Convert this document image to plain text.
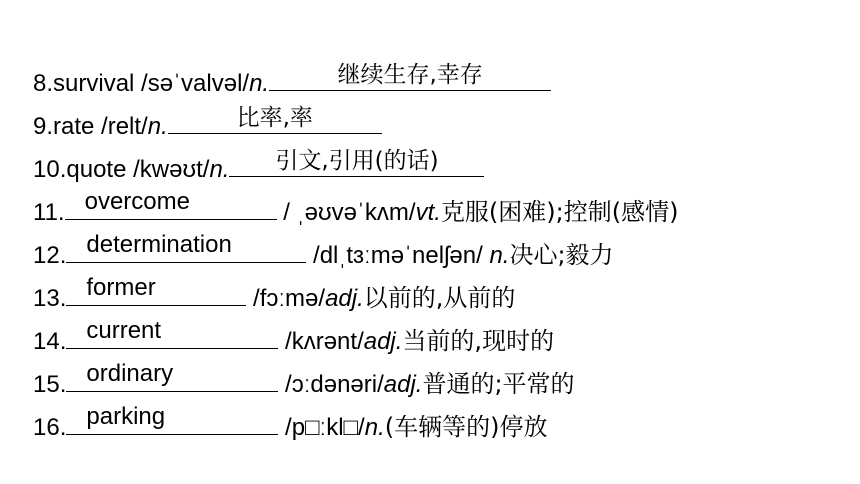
8.survival /səˈvalvəl/n.	继续生存,幸存
9.rate /relt/n.	比率,率
10.quote /kwəʊt/n.	引文,引用(的话)
11. overcome	/ ˌəʊvəˈkʌm/vt.克服(困难);控制(感情)
12. determination	/dlˌtɜːməˈnelʃən/ n.决心;毅力
13. former	/fɔːmə/adj.以前的,从前的
14. current	/kʌrənt/adj.当前的,现时的
15. ordinary	/ɔːdənəri/adj.普通的;平常的
16. parking	/p□ːkl□/n.(车辆等的)停放
